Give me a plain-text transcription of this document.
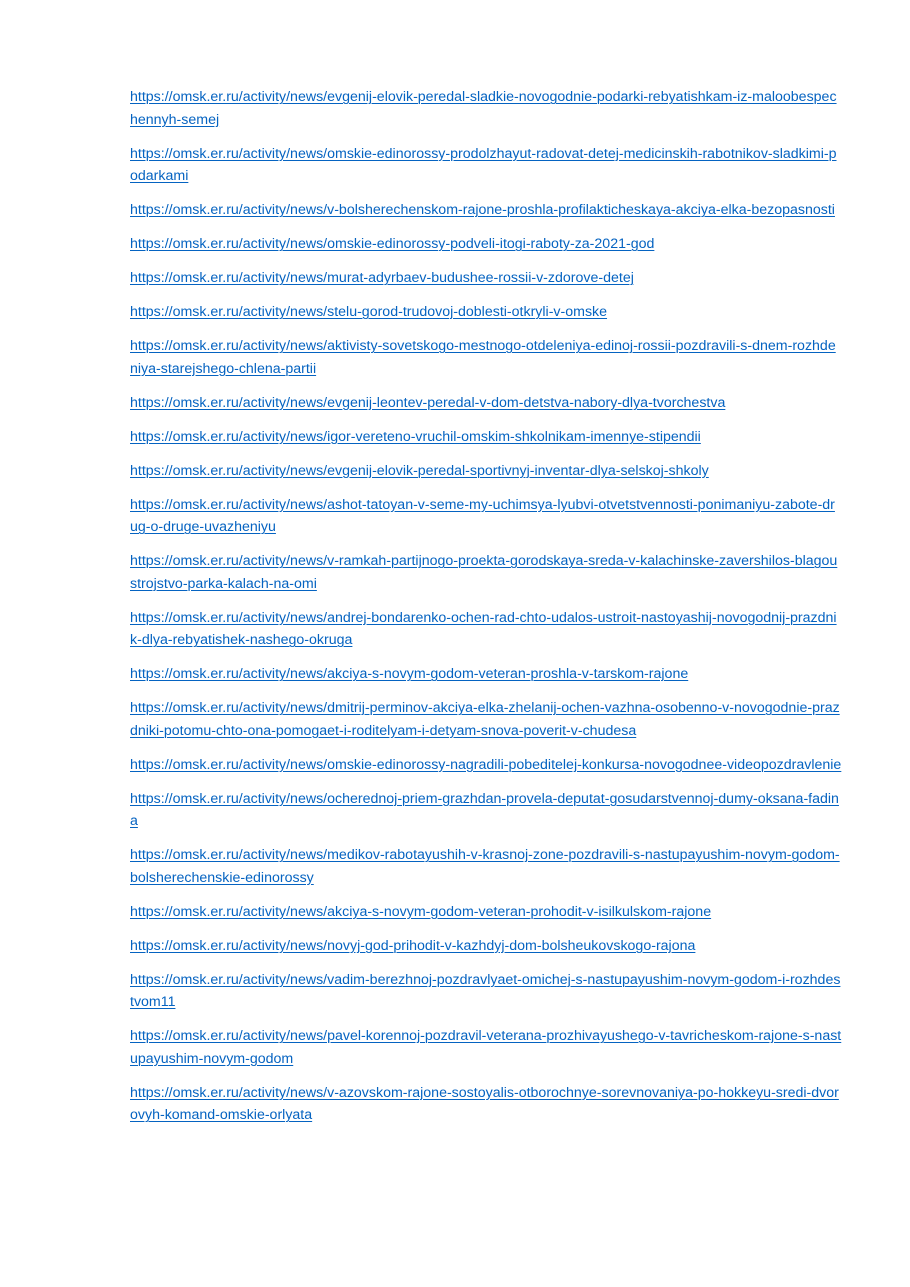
https://omsk.er.ru/activity/news/evgenij-elovik-peredal-sladkie-novogodnie-podarki-rebyatishkam-iz-maloobespechennyh-semej
https://omsk.er.ru/activity/news/omskie-edinorossy-prodolzhayut-radovat-detej-medicinskih-rabotnikov-sladkimi-podarkami
https://omsk.er.ru/activity/news/v-bolsherechenskom-rajone-proshla-profilakticheskaya-akciya-elka-bezopasnosti
https://omsk.er.ru/activity/news/omskie-edinorossy-podveli-itogi-raboty-za-2021-god
https://omsk.er.ru/activity/news/murat-adyrbaev-budushee-rossii-v-zdorove-detej
https://omsk.er.ru/activity/news/stelu-gorod-trudovoj-doblesti-otkryli-v-omske
https://omsk.er.ru/activity/news/aktivisty-sovetskogo-mestnogo-otdeleniya-edinoj-rossii-pozdravili-s-dnem-rozhdeniya-starejshego-chlena-partii
https://omsk.er.ru/activity/news/evgenij-leontev-peredal-v-dom-detstva-nabory-dlya-tvorchestva
https://omsk.er.ru/activity/news/igor-vereteno-vruchil-omskim-shkolnikam-imennye-stipendii
https://omsk.er.ru/activity/news/evgenij-elovik-peredal-sportivnyj-inventar-dlya-selskoj-shkoly
https://omsk.er.ru/activity/news/ashot-tatoyan-v-seme-my-uchimsya-lyubvi-otvetstvennosti-ponimaniyu-zabote-drug-o-druge-uvazheniyu
https://omsk.er.ru/activity/news/v-ramkah-partijnogo-proekta-gorodskaya-sreda-v-kalachinske-zavershilos-blagoustrojstvo-parka-kalach-na-omi
https://omsk.er.ru/activity/news/andrej-bondarenko-ochen-rad-chto-udalos-ustroit-nastoyashij-novogodnij-prazdnik-dlya-rebyatishek-nashego-okruga
https://omsk.er.ru/activity/news/akciya-s-novym-godom-veteran-proshla-v-tarskom-rajone
https://omsk.er.ru/activity/news/dmitrij-perminov-akciya-elka-zhelanij-ochen-vazhna-osobenno-v-novogodnie-prazdniki-potomu-chto-ona-pomogaet-i-roditelyam-i-detyam-snova-poverit-v-chudesa
https://omsk.er.ru/activity/news/omskie-edinorossy-nagradili-pobeditelej-konkursa-novogodnee-videopozdravlenie
https://omsk.er.ru/activity/news/ocherednoj-priem-grazhdan-provela-deputat-gosudarstvennoj-dumy-oksana-fadina
https://omsk.er.ru/activity/news/medikov-rabotayushih-v-krasnoj-zone-pozdravili-s-nastupayushim-novym-godom-bolsherechenskie-edinorossy
https://omsk.er.ru/activity/news/akciya-s-novym-godom-veteran-prohodit-v-isilkulskom-rajone
https://omsk.er.ru/activity/news/novyj-god-prihodit-v-kazhdyj-dom-bolsheukovskogo-rajona
https://omsk.er.ru/activity/news/vadim-berezhnoj-pozdravlyaet-omichej-s-nastupayushim-novym-godom-i-rozhdestvom11
https://omsk.er.ru/activity/news/pavel-korennoj-pozdravil-veterana-prozhivayushego-v-tavricheskom-rajone-s-nastupayushim-novym-godom
https://omsk.er.ru/activity/news/v-azovskom-rajone-sostoyalis-otborochnye-sorevnovaniya-po-hokkeyu-sredi-dvorovyh-komand-omskie-orlyata
